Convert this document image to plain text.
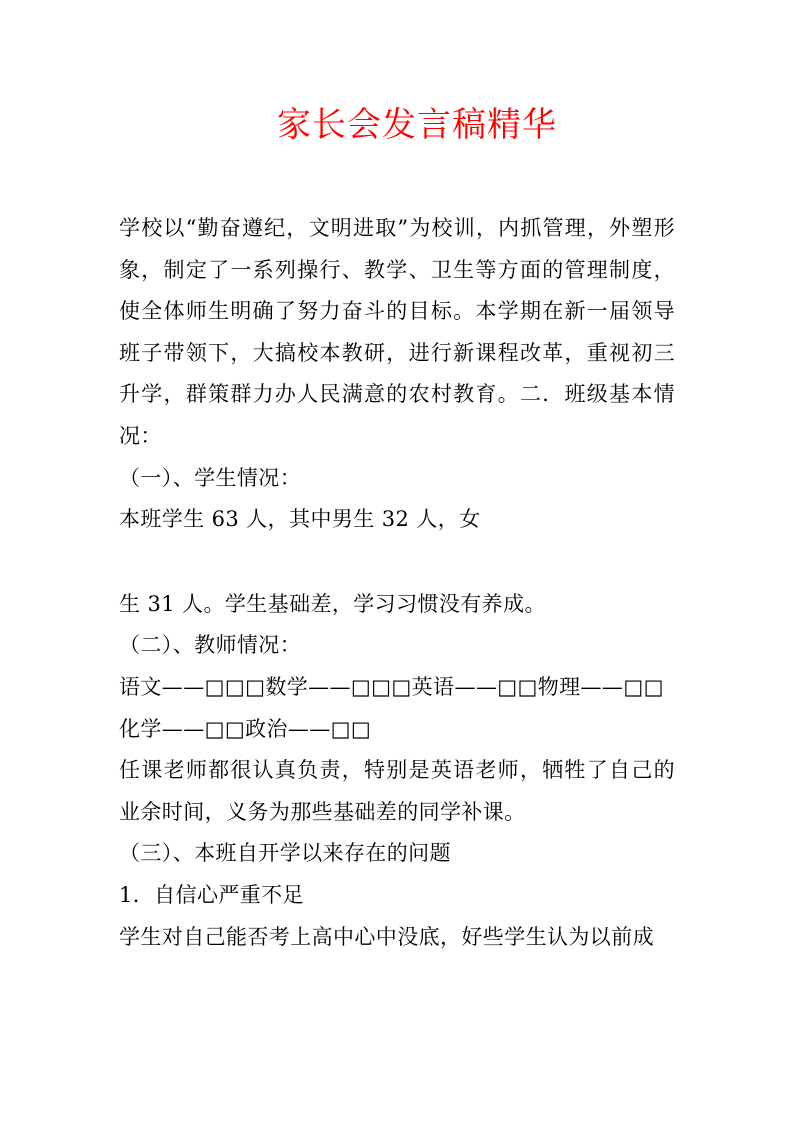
家长会发言稿精华

学校以“勤奋遵纪，文明进取”为校训，内抓管理，外塑形象，制定了一系列操行、教学、卫生等方面的管理制度，使全体师生明确了努力奋斗的目标。本学期在新一届领导班子带领下，大搞校本教研，进行新课程改革，重视初三升学，群策群力办人民满意的农村教育。二．班级基本情况：

（一）、学生情况：

本班学生 63 人，其中男生 32 人，女

生 31 人。学生基础差，学习习惯没有养成。

（二）、教师情况：

语文——□□□数学——□□□英语——□□物理——□□

化学——□□政治——□□

任课老师都很认真负责，特别是英语老师，牺牲了自己的业余时间，义务为那些基础差的同学补课。

（三）、本班自开学以来存在的问题

1．自信心严重不足

学生对自己能否考上高中心中没底，好些学生认为以前成
